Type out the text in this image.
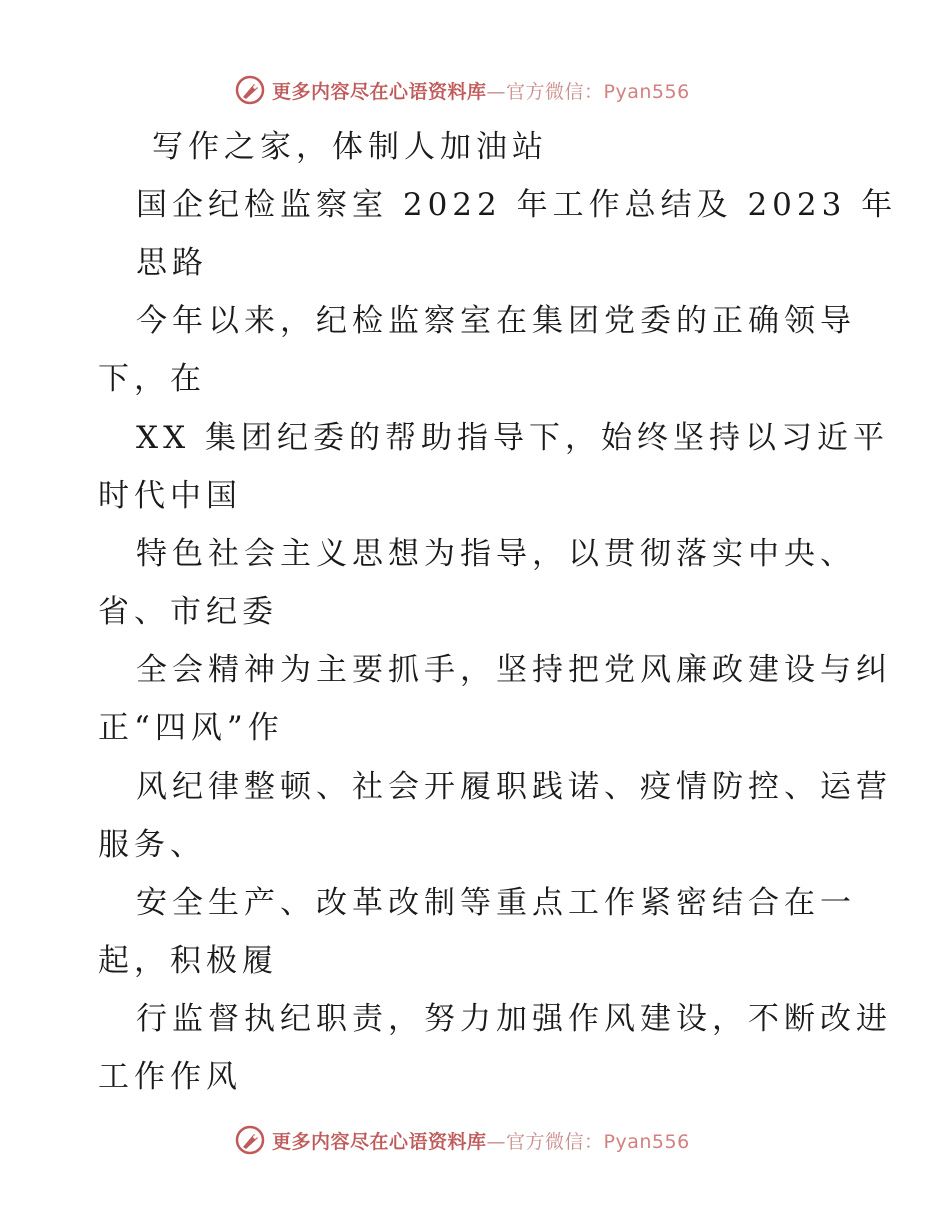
更多内容尽在心语资料库—官方微信：Pyan556
写作之家，体制人加油站
国企纪检监察室 2022 年工作总结及 2023 年
思路
今年以来，纪检监察室在集团党委的正确领导
下，在
XX 集团纪委的帮助指导下，始终坚持以习近平
时代中国
特色社会主义思想为指导，以贯彻落实中央、
省、市纪委
全会精神为主要抓手，坚持把党风廉政建设与纠
正“四风”作
风纪律整顿、社会开履职践诺、疫情防控、运营
服务、
安全生产、改革改制等重点工作紧密结合在一
起，积极履
行监督执纪职责，努力加强作风建设，不断改进
工作作风
更多内容尽在心语资料库—官方微信：Pyan556
